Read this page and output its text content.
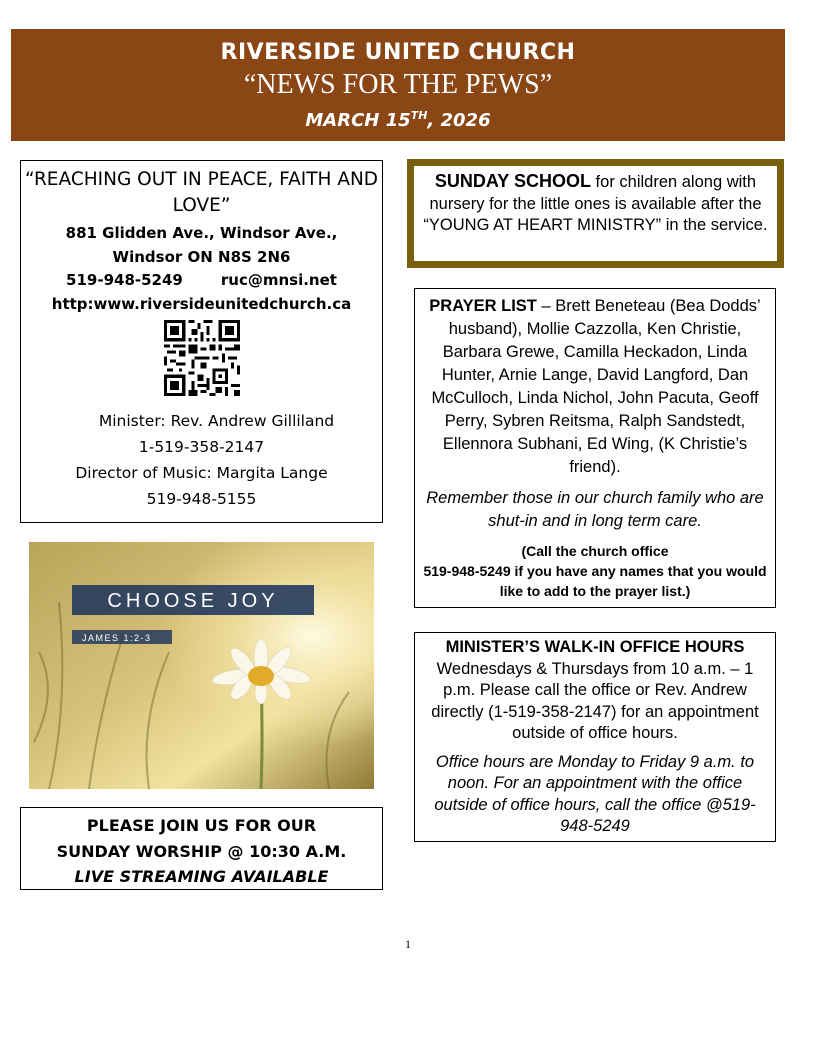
RIVERSIDE UNITED CHURCH
“NEWS FOR THE PEWS”
MARCH 15TH, 2026
“REACHING OUT IN PEACE, FAITH AND LOVE”
881 Glidden Ave., Windsor Ave.,
Windsor ON N8S 2N6
519-948-5249	ruc@mnsi.net
http:www.riversideunitedchurch.ca
Minister: Rev. Andrew Gilliland
1-519-358-2147
Director of Music: Margita Lange
519-948-5155
SUNDAY SCHOOL for children along with nursery for the little ones is available after the “YOUNG AT HEART MINISTRY” in the service.
PRAYER LIST – Brett Beneteau (Bea Dodds’ husband), Mollie Cazzolla, Ken Christie, Barbara Grewe, Camilla Heckadon, Linda Hunter, Arnie Lange, David Langford, Dan McCulloch, Linda Nichol, John Pacuta, Geoff Perry, Sybren Reitsma, Ralph Sandstedt, Ellennora Subhani, Ed Wing, (K Christie’s friend).
Remember those in our church family who are shut-in and in long term care.
(Call the church office
519-948-5249 if you have any names that you would like to add to the prayer list.)
MINISTER’S WALK-IN OFFICE HOURS
Wednesdays & Thursdays from 10 a.m. – 1 p.m. Please call the office or Rev. Andrew directly (1-519-358-2147) for an appointment outside of office hours.
Office hours are Monday to Friday 9 a.m. to noon. For an appointment with the office outside of office hours, call the office @519-948-5249
CHOOSE JOY
JAMES 1:2-3
PLEASE JOIN US FOR OUR
SUNDAY WORSHIP @ 10:30 A.M.
LIVE STREAMING AVAILABLE
1
